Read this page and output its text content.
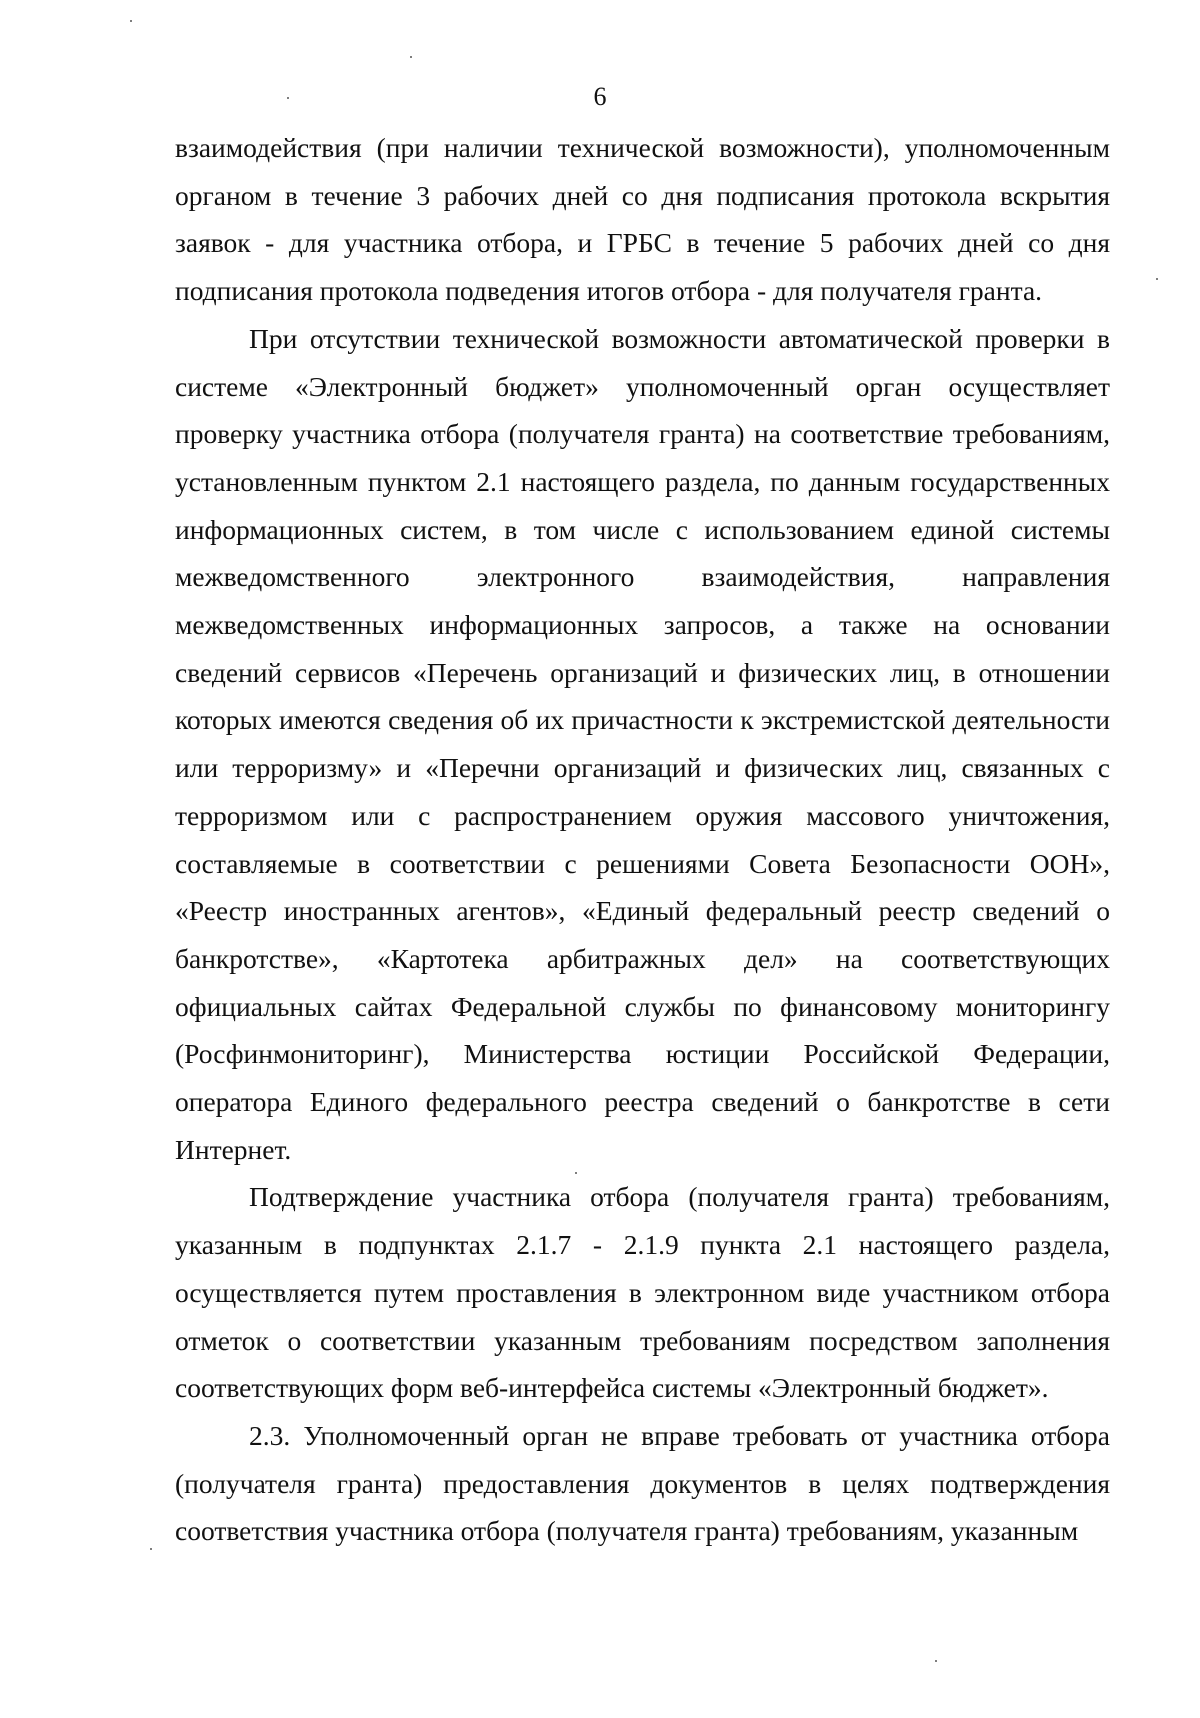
6

взаимодействия (при наличии технической возможности), уполномоченным органом в течение 3 рабочих дней со дня подписания протокола вскрытия заявок - для участника отбора, и ГРБС в течение 5 рабочих дней со дня подписания протокола подведения итогов отбора - для получателя гранта.

При отсутствии технической возможности автоматической проверки в системе «Электронный бюджет» уполномоченный орган осуществляет проверку участника отбора (получателя гранта) на соответствие требованиям, установленным пунктом 2.1 настоящего раздела, по данным государственных информационных систем, в том числе с использованием единой системы межведомственного электронного взаимодействия, направления межведомственных информационных запросов, а также на основании сведений сервисов «Перечень организаций и физических лиц, в отношении которых имеются сведения об их причастности к экстремистской деятельности или терроризму» и «Перечни организаций и физических лиц, связанных с терроризмом или с распространением оружия массового уничтожения, составляемые в соответствии с решениями Совета Безопасности ООН», «Реестр иностранных агентов», «Единый федеральный реестр сведений о банкротстве», «Картотека арбитражных дел» на соответствующих официальных сайтах Федеральной службы по финансовому мониторингу (Росфинмониторинг), Министерства юстиции Российской Федерации, оператора Единого федерального реестра сведений о банкротстве в сети Интернет.

Подтверждение участника отбора (получателя гранта) требованиям, указанным в подпунктах 2.1.7 - 2.1.9 пункта 2.1 настоящего раздела, осуществляется путем проставления в электронном виде участником отбора отметок о соответствии указанным требованиям посредством заполнения соответствующих форм веб-интерфейса системы «Электронный бюджет».

2.3. Уполномоченный орган не вправе требовать от участника отбора (получателя гранта) предоставления документов в целях подтверждения соответствия участника отбора (получателя гранта) требованиям, указанным
